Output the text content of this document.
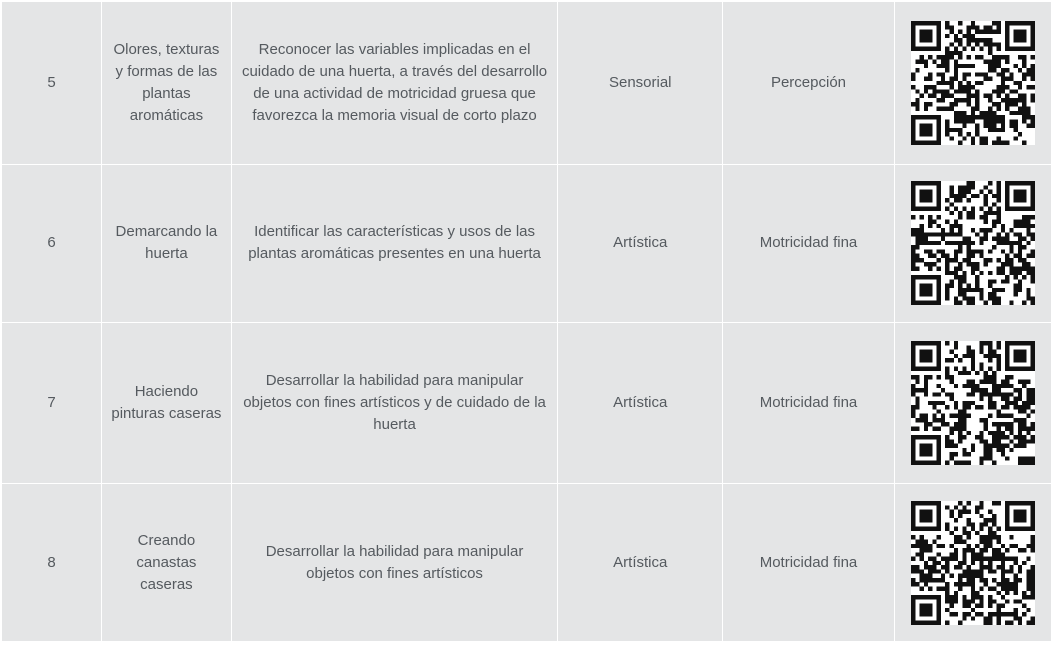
5	Olores, texturas y formas de las plantas aromáticas	Reconocer las variables implicadas en el cuidado de una huerta, a través del desarrollo de una actividad de motricidad gruesa que favorezca la memoria visual de corto plazo	Sensorial	Percepción	

6	Demarcando la huerta	Identificar las características y usos de las plantas aromáticas presentes en una huerta	Artística	Motricidad fina	

7	Haciendo pinturas caseras	Desarrollar la habilidad para manipular objetos con fines artísticos y de cuidado de la huerta	Artística	Motricidad fina	

8	Creando canastas caseras	Desarrollar la habilidad para manipular objetos con fines artísticos	Artística	Motricidad fina	
